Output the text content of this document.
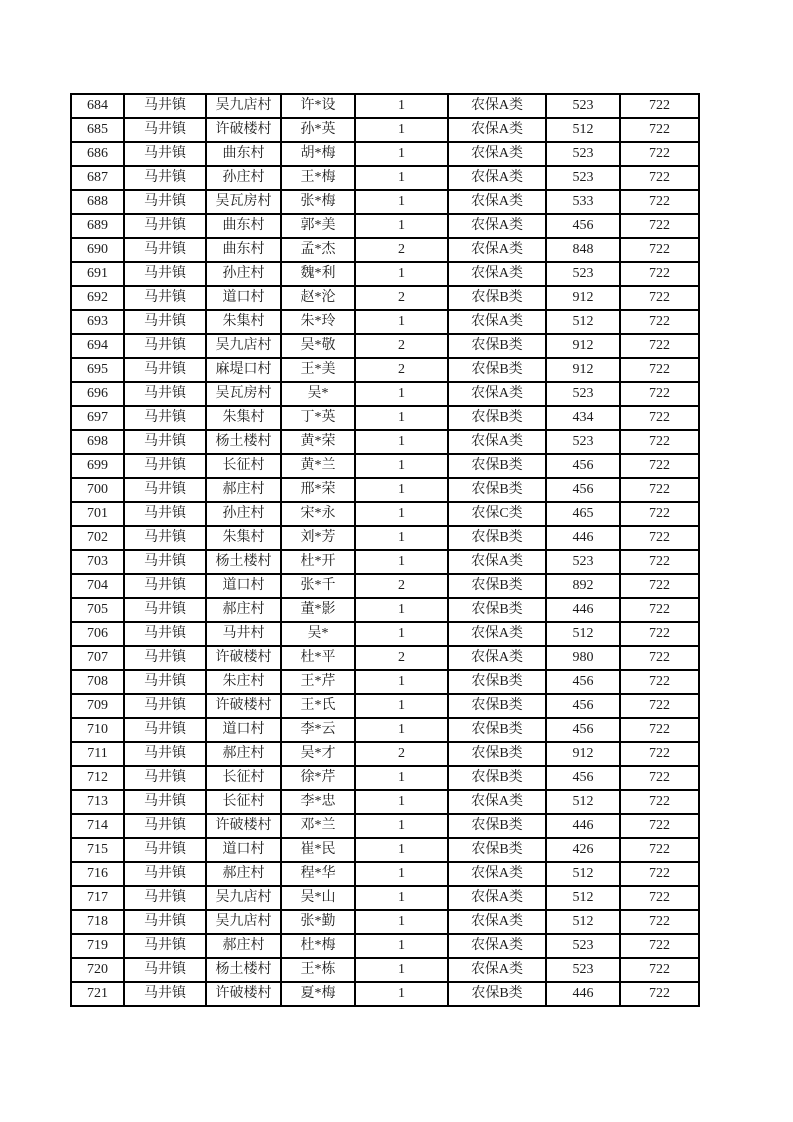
684	马井镇	吴九店村	许*设	1	农保A类	523	722
685	马井镇	许破楼村	孙*英	1	农保A类	512	722
686	马井镇	曲东村	胡*梅	1	农保A类	523	722
687	马井镇	孙庄村	王*梅	1	农保A类	523	722
688	马井镇	吴瓦房村	张*梅	1	农保A类	533	722
689	马井镇	曲东村	郭*美	1	农保A类	456	722
690	马井镇	曲东村	孟*杰	2	农保A类	848	722
691	马井镇	孙庄村	魏*利	1	农保A类	523	722
692	马井镇	道口村	赵*沦	2	农保B类	912	722
693	马井镇	朱集村	朱*玲	1	农保A类	512	722
694	马井镇	吴九店村	吴*敬	2	农保B类	912	722
695	马井镇	麻堤口村	王*美	2	农保B类	912	722
696	马井镇	吴瓦房村	吴*	1	农保A类	523	722
697	马井镇	朱集村	丁*英	1	农保B类	434	722
698	马井镇	杨土楼村	黄*荣	1	农保A类	523	722
699	马井镇	长征村	黄*兰	1	农保B类	456	722
700	马井镇	郝庄村	邢*荣	1	农保B类	456	722
701	马井镇	孙庄村	宋*永	1	农保C类	465	722
702	马井镇	朱集村	刘*芳	1	农保B类	446	722
703	马井镇	杨土楼村	杜*开	1	农保A类	523	722
704	马井镇	道口村	张*千	2	农保B类	892	722
705	马井镇	郝庄村	董*影	1	农保B类	446	722
706	马井镇	马井村	吴*	1	农保A类	512	722
707	马井镇	许破楼村	杜*平	2	农保A类	980	722
708	马井镇	朱庄村	王*芹	1	农保B类	456	722
709	马井镇	许破楼村	王*氏	1	农保B类	456	722
710	马井镇	道口村	李*云	1	农保B类	456	722
711	马井镇	郝庄村	吴*才	2	农保B类	912	722
712	马井镇	长征村	徐*芹	1	农保B类	456	722
713	马井镇	长征村	李*忠	1	农保A类	512	722
714	马井镇	许破楼村	邓*兰	1	农保B类	446	722
715	马井镇	道口村	崔*民	1	农保B类	426	722
716	马井镇	郝庄村	程*华	1	农保A类	512	722
717	马井镇	吴九店村	吴*山	1	农保A类	512	722
718	马井镇	吴九店村	张*勤	1	农保A类	512	722
719	马井镇	郝庄村	杜*梅	1	农保A类	523	722
720	马井镇	杨土楼村	王*栋	1	农保A类	523	722
721	马井镇	许破楼村	夏*梅	1	农保B类	446	722
